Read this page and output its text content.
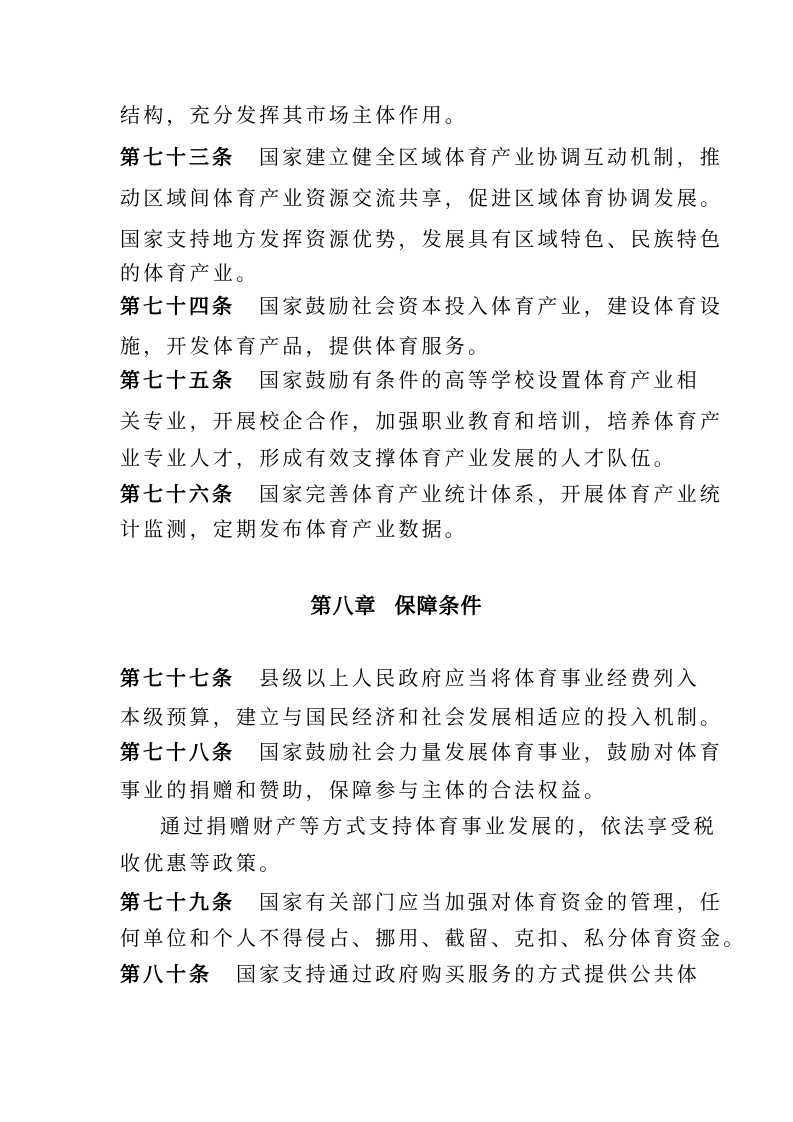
结构，充分发挥其市场主体作用。
第七十三条 国家建立健全区域体育产业协调互动机制，推
动区域间体育产业资源交流共享，促进区域体育协调发展。
国家支持地方发挥资源优势，发展具有区域特色、民族特色
的体育产业。
第七十四条 国家鼓励社会资本投入体育产业，建设体育设
施，开发体育产品，提供体育服务。
第七十五条 国家鼓励有条件的高等学校设置体育产业相
关专业，开展校企合作，加强职业教育和培训，培养体育产
业专业人才，形成有效支撑体育产业发展的人才队伍。
第七十六条 国家完善体育产业统计体系，开展体育产业统
计监测，定期发布体育产业数据。
第八章 保障条件
第七十七条 县级以上人民政府应当将体育事业经费列入
本级预算，建立与国民经济和社会发展相适应的投入机制。
第七十八条 国家鼓励社会力量发展体育事业，鼓励对体育
事业的捐赠和赞助，保障参与主体的合法权益。
通过捐赠财产等方式支持体育事业发展的，依法享受税
收优惠等政策。
第七十九条 国家有关部门应当加强对体育资金的管理，任
何单位和个人不得侵占、挪用、截留、克扣、私分体育资金。
第八十条 国家支持通过政府购买服务的方式提供公共体
